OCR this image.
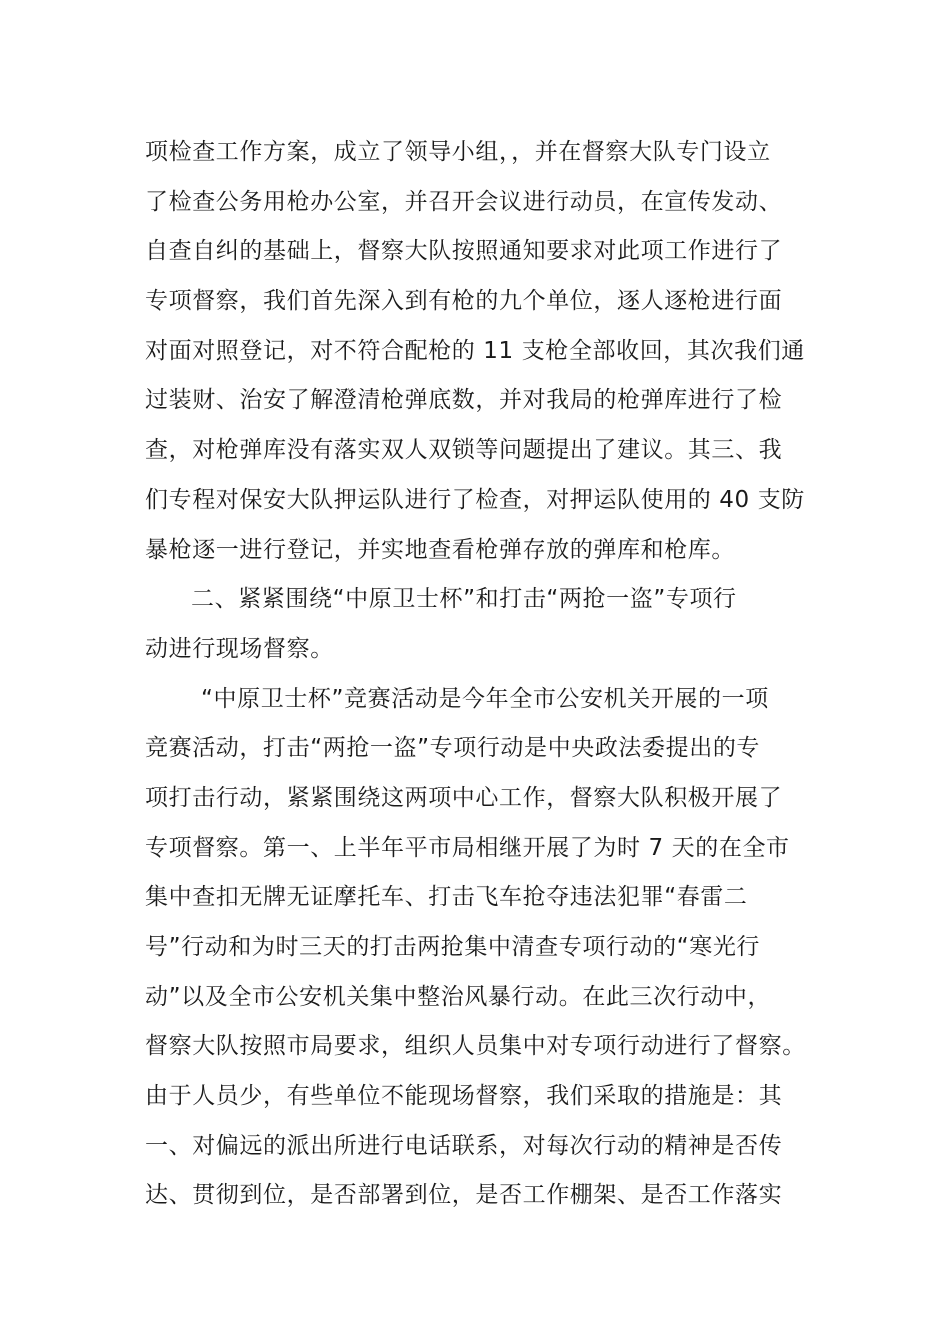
项检查工作方案，成立了领导小组，，并在督察大队专门设立
了检查公务用枪办公室，并召开会议进行动员，在宣传发动、
自查自纠的基础上，督察大队按照通知要求对此项工作进行了
专项督察，我们首先深入到有枪的九个单位，逐人逐枪进行面
对面对照登记，对不符合配枪的 11 支枪全部收回，其次我们通
过装财、治安了解澄清枪弹底数，并对我局的枪弹库进行了检
查，对枪弹库没有落实双人双锁等问题提出了建议。其三、我
们专程对保安大队押运队进行了检查，对押运队使用的 40 支防
暴枪逐一进行登记，并实地查看枪弹存放的弹库和枪库。
二、紧紧围绕“中原卫士杯”和打击“两抢一盗”专项行
动进行现场督察。
“中原卫士杯”竞赛活动是今年全市公安机关开展的一项
竞赛活动，打击“两抢一盗”专项行动是中央政法委提出的专
项打击行动，紧紧围绕这两项中心工作，督察大队积极开展了
专项督察。第一、上半年平市局相继开展了为时 7 天的在全市
集中查扣无牌无证摩托车、打击飞车抢夺违法犯罪“春雷二
号”行动和为时三天的打击两抢集中清查专项行动的“寒光行
动”以及全市公安机关集中整治风暴行动。在此三次行动中，
督察大队按照市局要求，组织人员集中对专项行动进行了督察。
由于人员少，有些单位不能现场督察，我们采取的措施是：其
一、对偏远的派出所进行电话联系，对每次行动的精神是否传
达、贯彻到位，是否部署到位，是否工作棚架、是否工作落实
